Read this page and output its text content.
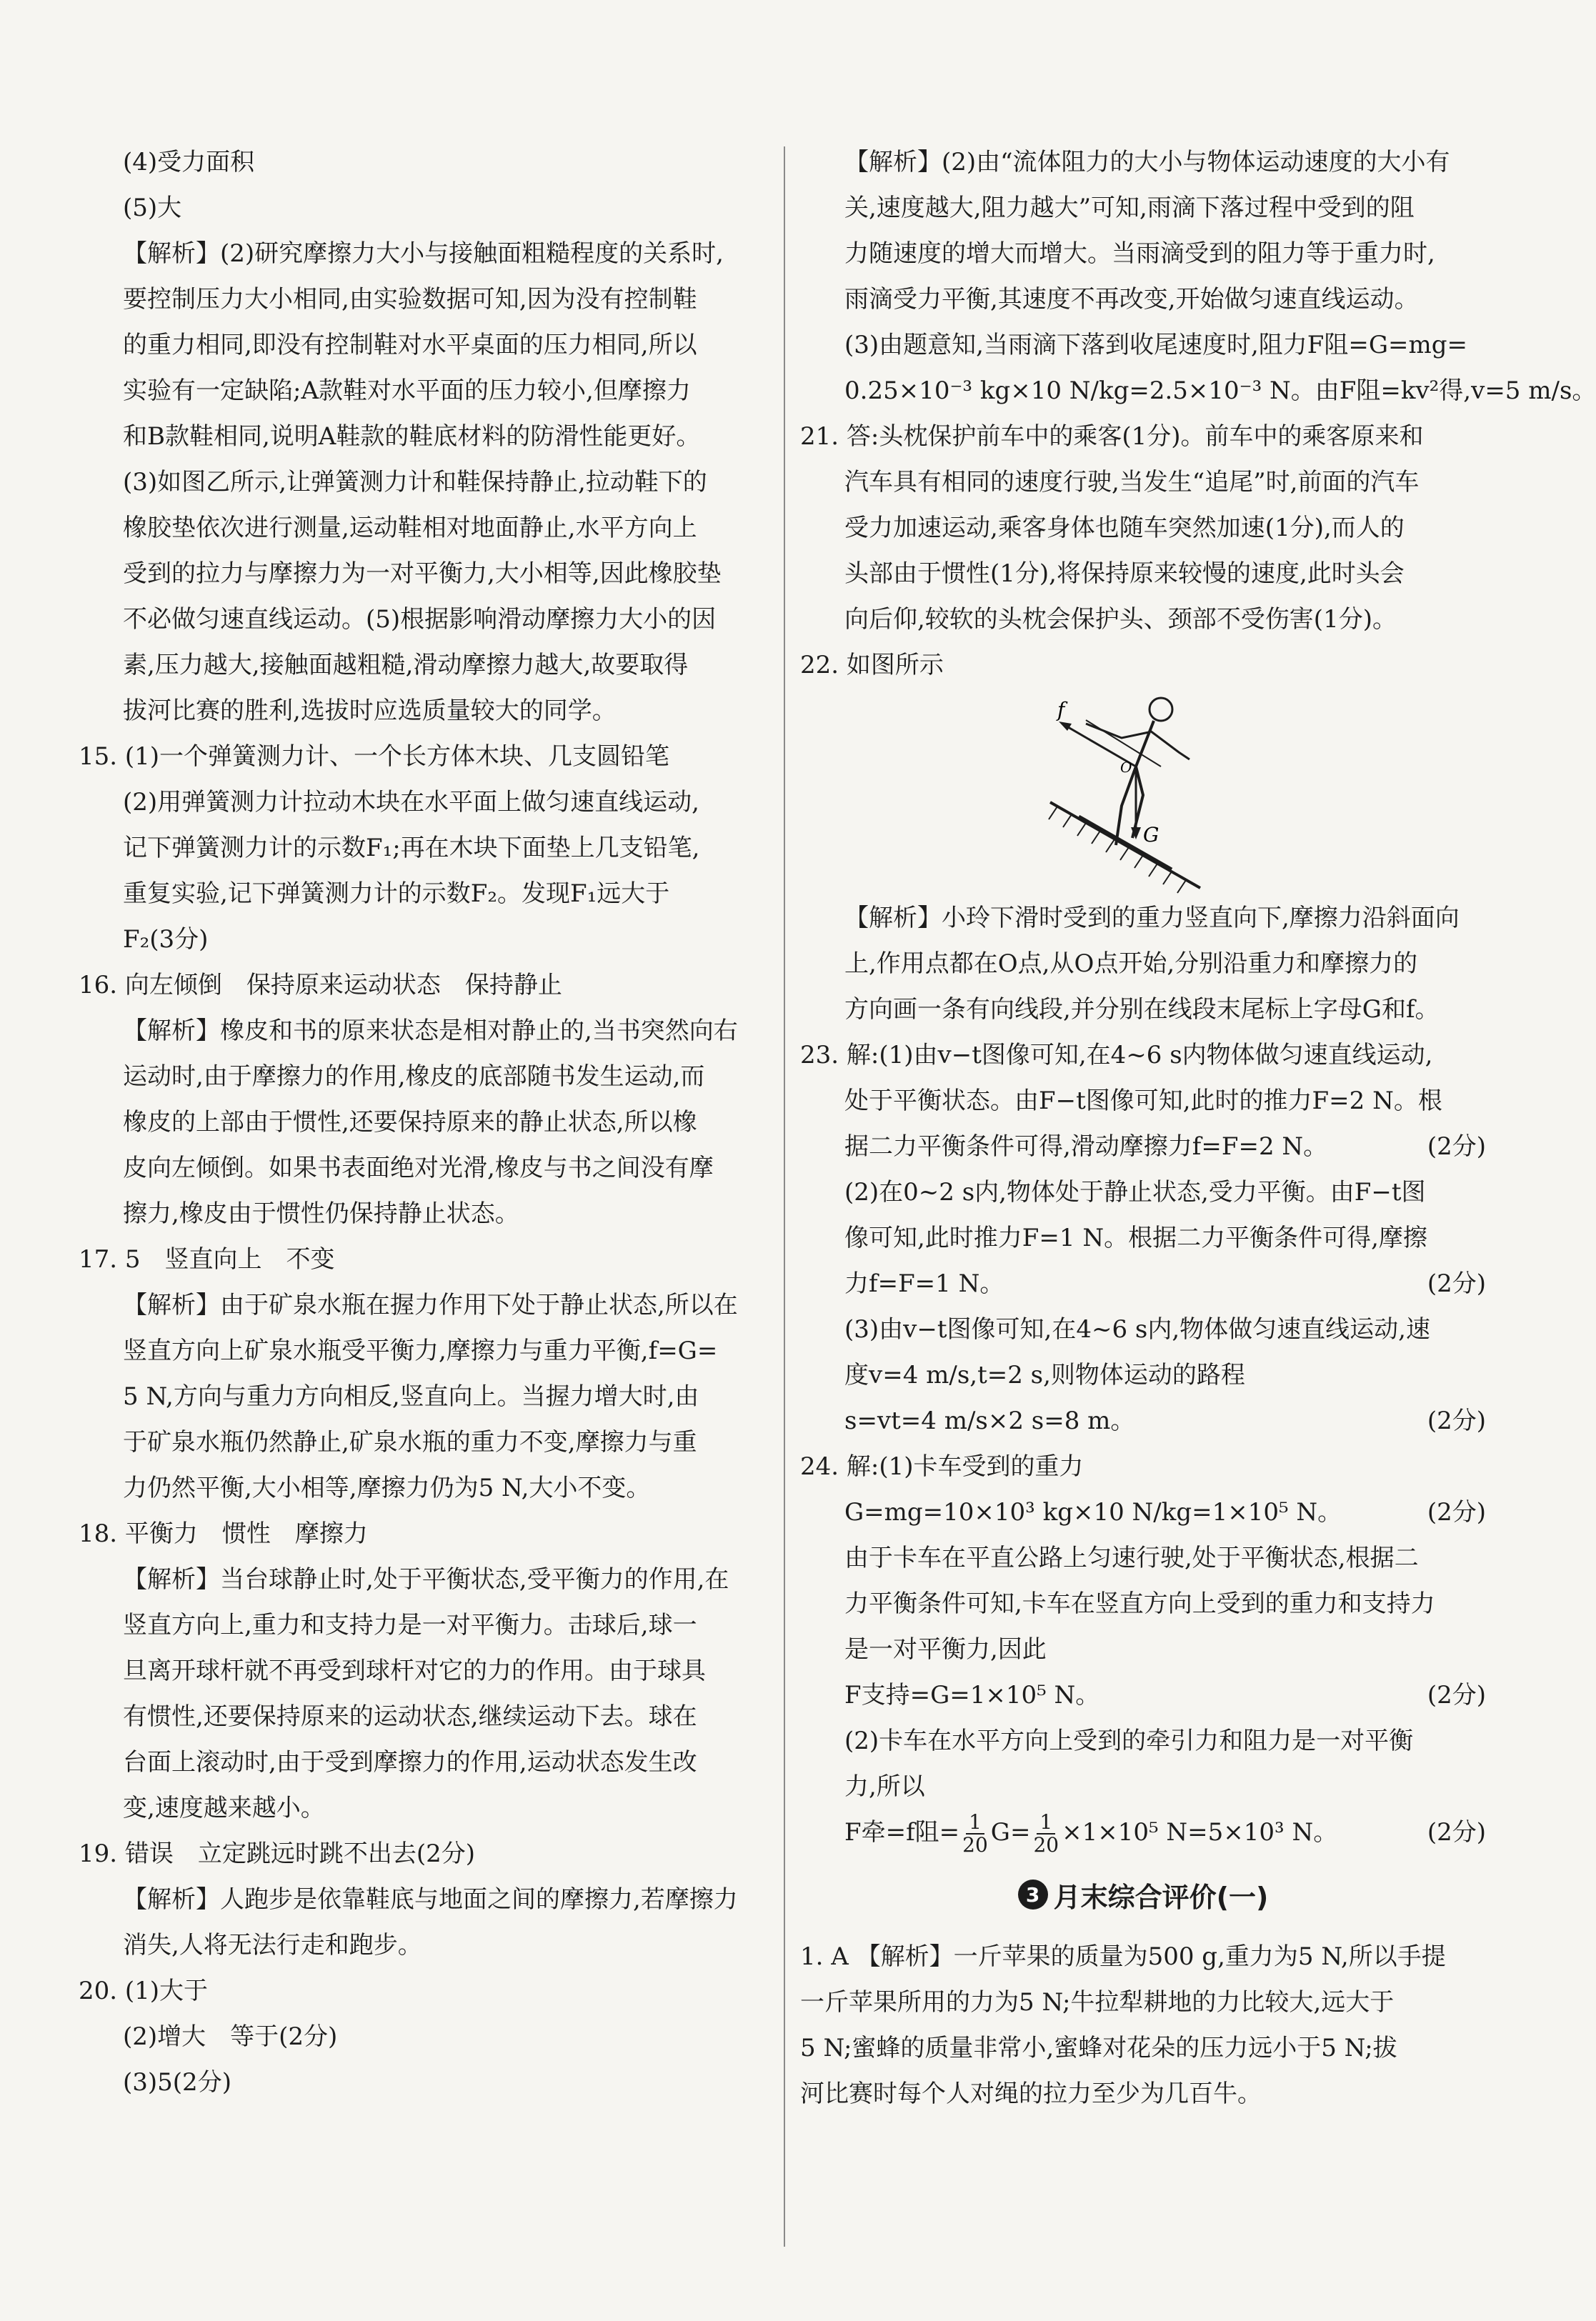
(4)受力面积
(5)大
【解析】(2)研究摩擦力大小与接触面粗糙程度的关系时,
要控制压力大小相同,由实验数据可知,因为没有控制鞋
的重力相同,即没有控制鞋对水平桌面的压力相同,所以
实验有一定缺陷;A款鞋对水平面的压力较小,但摩擦力
和B款鞋相同,说明A鞋款的鞋底材料的防滑性能更好。
(3)如图乙所示,让弹簧测力计和鞋保持静止,拉动鞋下的
橡胶垫依次进行测量,运动鞋相对地面静止,水平方向上
受到的拉力与摩擦力为一对平衡力,大小相等,因此橡胶垫
不必做匀速直线运动。(5)根据影响滑动摩擦力大小的因
素,压力越大,接触面越粗糙,滑动摩擦力越大,故要取得
拔河比赛的胜利,选拔时应选质量较大的同学。
15. (1)一个弹簧测力计、一个长方体木块、几支圆铅笔
(2)用弹簧测力计拉动木块在水平面上做匀速直线运动,
记下弹簧测力计的示数F₁;再在木块下面垫上几支铅笔,
重复实验,记下弹簧测力计的示数F₂。发现F₁远大于
F₂(3分)
16. 向左倾倒　保持原来运动状态　保持静止
【解析】橡皮和书的原来状态是相对静止的,当书突然向右
运动时,由于摩擦力的作用,橡皮的底部随书发生运动,而
橡皮的上部由于惯性,还要保持原来的静止状态,所以橡
皮向左倾倒。如果书表面绝对光滑,橡皮与书之间没有摩
擦力,橡皮由于惯性仍保持静止状态。
17. 5　竖直向上　不变
【解析】由于矿泉水瓶在握力作用下处于静止状态,所以在
竖直方向上矿泉水瓶受平衡力,摩擦力与重力平衡,f=G=
5 N,方向与重力方向相反,竖直向上。当握力增大时,由
于矿泉水瓶仍然静止,矿泉水瓶的重力不变,摩擦力与重
力仍然平衡,大小相等,摩擦力仍为5 N,大小不变。
18. 平衡力　惯性　摩擦力
【解析】当台球静止时,处于平衡状态,受平衡力的作用,在
竖直方向上,重力和支持力是一对平衡力。击球后,球一
旦离开球杆就不再受到球杆对它的力的作用。由于球具
有惯性,还要保持原来的运动状态,继续运动下去。球在
台面上滚动时,由于受到摩擦力的作用,运动状态发生改
变,速度越来越小。
19. 错误　立定跳远时跳不出去(2分)
【解析】人跑步是依靠鞋底与地面之间的摩擦力,若摩擦力
消失,人将无法行走和跑步。
20. (1)大于
(2)增大　等于(2分)
(3)5(2分)
【解析】(2)由“流体阻力的大小与物体运动速度的大小有
关,速度越大,阻力越大”可知,雨滴下落过程中受到的阻
力随速度的增大而增大。当雨滴受到的阻力等于重力时,
雨滴受力平衡,其速度不再改变,开始做匀速直线运动。
(3)由题意知,当雨滴下落到收尾速度时,阻力F阻=G=mg=
0.25×10⁻³ kg×10 N/kg=2.5×10⁻³ N。由F阻=kv²得,v=5 m/s。
21. 答:头枕保护前车中的乘客(1分)。前车中的乘客原来和
汽车具有相同的速度行驶,当发生“追尾”时,前面的汽车
受力加速运动,乘客身体也随车突然加速(1分),而人的
头部由于惯性(1分),将保持原来较慢的速度,此时头会
向后仰,较软的头枕会保护头、颈部不受伤害(1分)。
22. 如图所示
f
G
O
【解析】小玲下滑时受到的重力竖直向下,摩擦力沿斜面向
上,作用点都在O点,从O点开始,分别沿重力和摩擦力的
方向画一条有向线段,并分别在线段末尾标上字母G和f。
23. 解:(1)由v−t图像可知,在4~6 s内物体做匀速直线运动,
处于平衡状态。由F−t图像可知,此时的推力F=2 N。根
据二力平衡条件可得,滑动摩擦力f=F=2 N。	(2分)
(2)在0~2 s内,物体处于静止状态,受力平衡。由F−t图
像可知,此时推力F=1 N。根据二力平衡条件可得,摩擦
力f=F=1 N。	(2分)
(3)由v−t图像可知,在4~6 s内,物体做匀速直线运动,速
度v=4 m/s,t=2 s,则物体运动的路程
s=vt=4 m/s×2 s=8 m。	(2分)
24. 解:(1)卡车受到的重力
G=mg=10×10³ kg×10 N/kg=1×10⁵ N。	(2分)
由于卡车在平直公路上匀速行驶,处于平衡状态,根据二
力平衡条件可知,卡车在竖直方向上受到的重力和支持力
是一对平衡力,因此
F支持=G=1×10⁵ N。	(2分)
(2)卡车在水平方向上受到的牵引力和阻力是一对平衡
力,所以
F牵=f阻= $\frac{1}{20} G= \frac{1}{20} \times 1\times 10^5$ N=5×10³ N。	(2分)
3 月末综合评价(一)
1. A 【解析】一斤苹果的质量为500 g,重力为5 N,所以手提
一斤苹果所用的力为5 N;牛拉犁耕地的力比较大,远大于
5 N;蜜蜂的质量非常小,蜜蜂对花朵的压力远小于5 N;拔
河比赛时每个人对绳的拉力至少为几百牛。
